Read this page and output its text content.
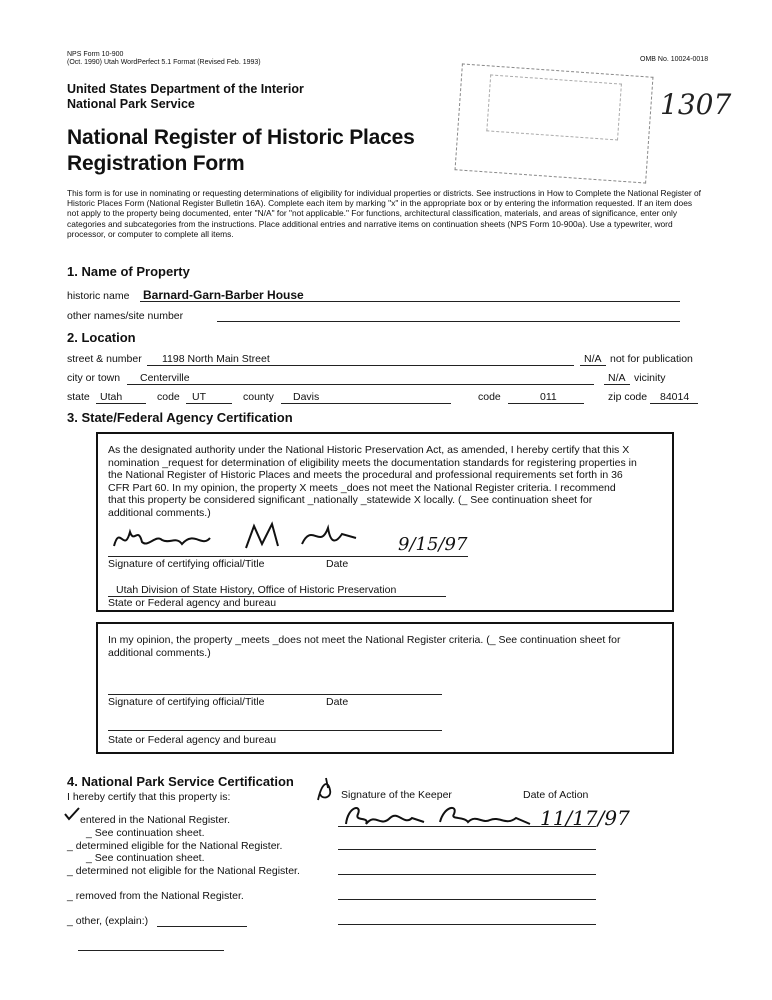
NPS Form 10-900
(Oct. 1990) Utah WordPerfect 5.1 Format (Revised Feb. 1993)	OMB No. 10024-0018
United States Department of the Interior
National Park Service
National Register of Historic Places
Registration Form
1307
This form is for use in nominating or requesting determinations of eligibility for individual properties or districts. See instructions in How to Complete the National Register of Historic Places Form (National Register Bulletin 16A). Complete each item by marking "x" in the appropriate box or by entering the information requested. If an item does not apply to the property being documented, enter "N/A" for "not applicable." For functions, architectural classification, materials, and areas of significance, enter only categories and subcategories from the instructions. Place additional entries and narrative items on continuation sheets (NPS Form 10-900a). Use a typewriter, word processor, or computer to complete all items.
1. Name of Property
historic name Barnard-Garn-Barber House
other names/site number
2. Location
street & number 1198 North Main Street	N/A not for publication
city or town Centerville	N/A vicinity
state Utah	code UT	county Davis	code	011	zip code 84014
3. State/Federal Agency Certification
As the designated authority under the National Historic Preservation Act, as amended, I hereby certify that this X
nomination _request for determination of eligibility meets the documentation standards for registering properties in
the National Register of Historic Places and meets the procedural and professional requirements set forth in 36
CFR Part 60. In my opinion, the property X meets _does not meet the National Register criteria. I recommend
that this property be considered significant _nationally _statewide X locally. (_ See continuation sheet for
additional comments.)
9/15/97
Signature of certifying official/Title	Date
Utah Division of State History, Office of Historic Preservation
State or Federal agency and bureau
In my opinion, the property _meets _does not meet the National Register criteria. (_ See continuation sheet for
additional comments.)
Signature of certifying official/Title	Date
State or Federal agency and bureau
4. National Park Service Certification
I hereby certify that this property is:	Signature of the Keeper	Date of Action
11/17/97
entered in the National Register.
_ See continuation sheet.
_ determined eligible for the National Register.
_ See continuation sheet.
_ determined not eligible for the National Register.
_ removed from the National Register.
_ other, (explain:)
